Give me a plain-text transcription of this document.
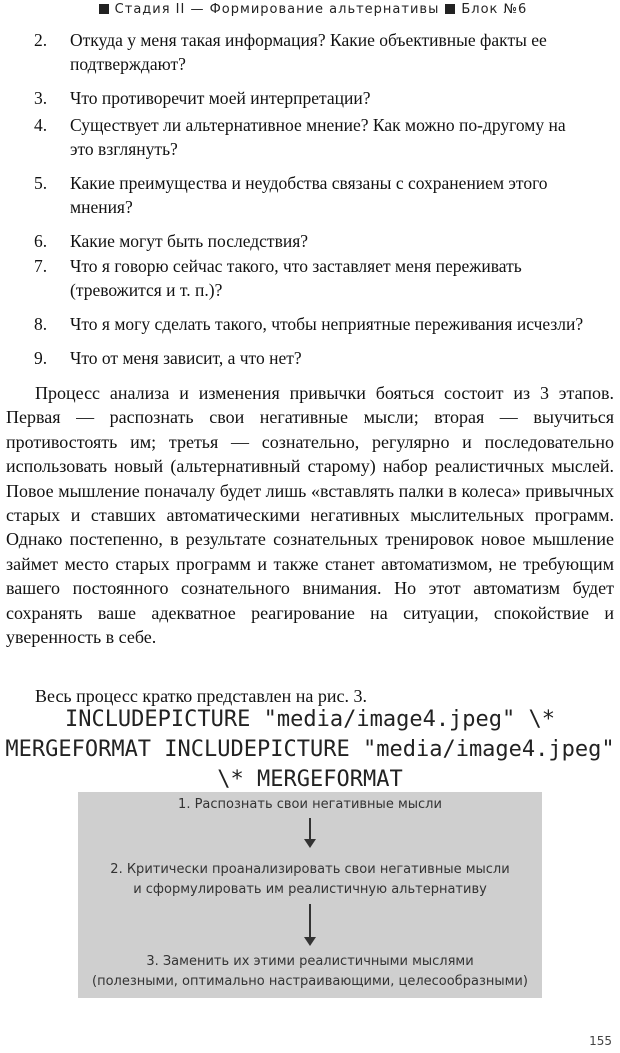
Стадия II — Формирование альтернативы Блок №6
2.	Откуда у меня такая информация? Какие объективные факты ее подтверждают?
3.	Что противоречит моей интерпретации?
4.	Существует ли альтернативное мнение? Как можно по-другому на это взглянуть?
5.	Какие преимущества и неудобства связаны с сохранением этого мнения?
6.	Какие могут быть последствия?
7.	Что я говорю сейчас такого, что заставляет меня переживать (тревожится и т. п.)?
8.	Что я могу сделать такого, чтобы неприятные переживания исчезли?
9.	Что от меня зависит, а что нет?

Процесс анализа и изменения привычки бояться состоит из 3 этапов. Первая — распознать свои негативные мысли; вторая — выучиться противостоять им; третья — сознательно, регулярно и последовательно использовать новый (альтернативный старому) набор реалистичных мыслей. Повое мышление поначалу будет лишь «вставлять палки в колеса» привычных старых и ставших автоматическими негативных мыслительных программ. Однако постепенно, в результате сознательных тренировок новое мышление займет место старых программ и также станет автоматизмом, не требующим вашего постоянного сознательного внимания. Но этот автоматизм будет сохранять ваше адекватное реагирование на ситуации, спокойствие и уверенность в себе.

Весь процесс кратко представлен на рис. 3.
INCLUDEPICTURE "media/image4.jpeg" \* MERGEFORMAT INCLUDEPICTURE "media/image4.jpeg" \* MERGEFORMAT
1. Распознать свои негативные мысли
2. Критически проанализировать свои негативные мысли
и сформулировать им реалистичную альтернативу
3. Заменить их этими реалистичными мыслями
(полезными, оптимально настраивающими, целесообразными)
155
